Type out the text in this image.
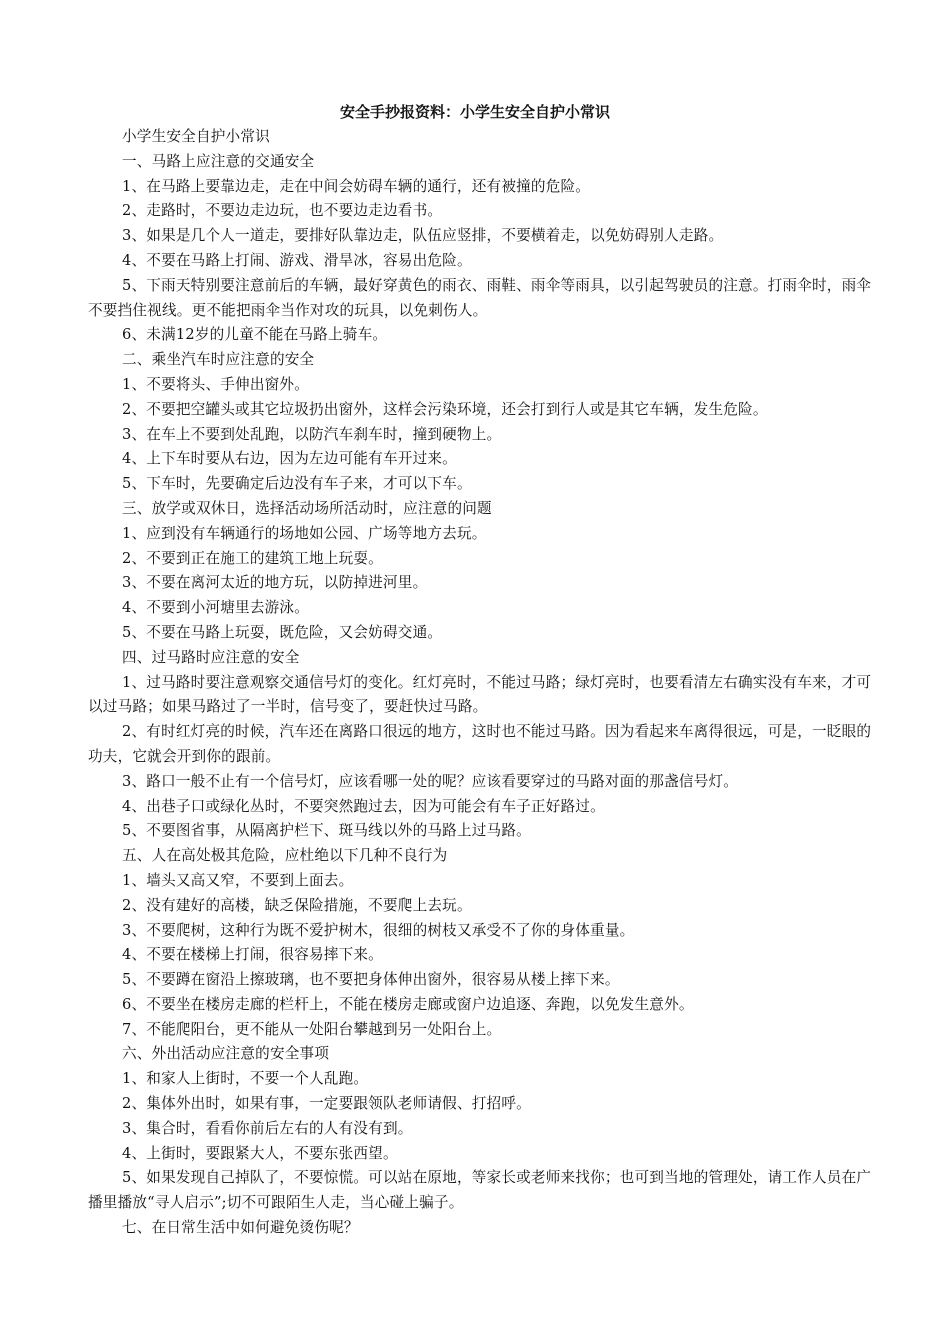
安全手抄报资料：小学生安全自护小常识

小学生安全自护小常识

一、马路上应注意的交通安全

1、在马路上要靠边走，走在中间会妨碍车辆的通行，还有被撞的危险。

2、走路时，不要边走边玩，也不要边走边看书。

3、如果是几个人一道走，要排好队靠边走，队伍应竖排，不要横着走，以免妨碍别人走路。

4、不要在马路上打闹、游戏、滑旱冰，容易出危险。

5、下雨天特别要注意前后的车辆，最好穿黄色的雨衣、雨鞋、雨伞等雨具，以引起驾驶员的注意。打雨伞时，雨伞不要挡住视线。更不能把雨伞当作对攻的玩具，以免刺伤人。

6、未满12岁的儿童不能在马路上骑车。

二、乘坐汽车时应注意的安全

1、不要将头、手伸出窗外。

2、不要把空罐头或其它垃圾扔出窗外，这样会污染环境，还会打到行人或是其它车辆，发生危险。

3、在车上不要到处乱跑，以防汽车刹车时，撞到硬物上。

4、上下车时要从右边，因为左边可能有车开过来。

5、下车时，先要确定后边没有车子来，才可以下车。

三、放学或双休日，选择活动场所活动时，应注意的问题

1、应到没有车辆通行的场地如公园、广场等地方去玩。

2、不要到正在施工的建筑工地上玩耍。

3、不要在离河太近的地方玩，以防掉进河里。

4、不要到小河塘里去游泳。

5、不要在马路上玩耍，既危险，又会妨碍交通。

四、过马路时应注意的安全

1、过马路时要注意观察交通信号灯的变化。红灯亮时，不能过马路；绿灯亮时，也要看清左右确实没有车来，才可以过马路；如果马路过了一半时，信号变了，要赶快过马路。

2、有时红灯亮的时候，汽车还在离路口很远的地方，这时也不能过马路。因为看起来车离得很远，可是，一眨眼的功夫，它就会开到你的跟前。

3、路口一般不止有一个信号灯，应该看哪一处的呢？应该看要穿过的马路对面的那盏信号灯。

4、出巷子口或绿化丛时，不要突然跑过去，因为可能会有车子正好路过。

5、不要图省事，从隔离护栏下、斑马线以外的马路上过马路。

五、人在高处极其危险，应杜绝以下几种不良行为

1、墙头又高又窄，不要到上面去。

2、没有建好的高楼，缺乏保险措施，不要爬上去玩。

3、不要爬树，这种行为既不爱护树木，很细的树枝又承受不了你的身体重量。

4、不要在楼梯上打闹，很容易摔下来。

5、不要蹲在窗沿上擦玻璃，也不要把身体伸出窗外，很容易从楼上摔下来。

6、不要坐在楼房走廊的栏杆上，不能在楼房走廊或窗户边追逐、奔跑，以免发生意外。

7、不能爬阳台，更不能从一处阳台攀越到另一处阳台上。

六、外出活动应注意的安全事项

1、和家人上街时，不要一个人乱跑。

2、集体外出时，如果有事，一定要跟领队老师请假、打招呼。

3、集合时，看看你前后左右的人有没有到。

4、上街时，要跟紧大人，不要东张西望。

5、如果发现自己掉队了，不要惊慌。可以站在原地，等家长或老师来找你；也可到当地的管理处，请工作人员在广播里播放“寻人启示”;切不可跟陌生人走，当心碰上骗子。

七、在日常生活中如何避免烫伤呢？
